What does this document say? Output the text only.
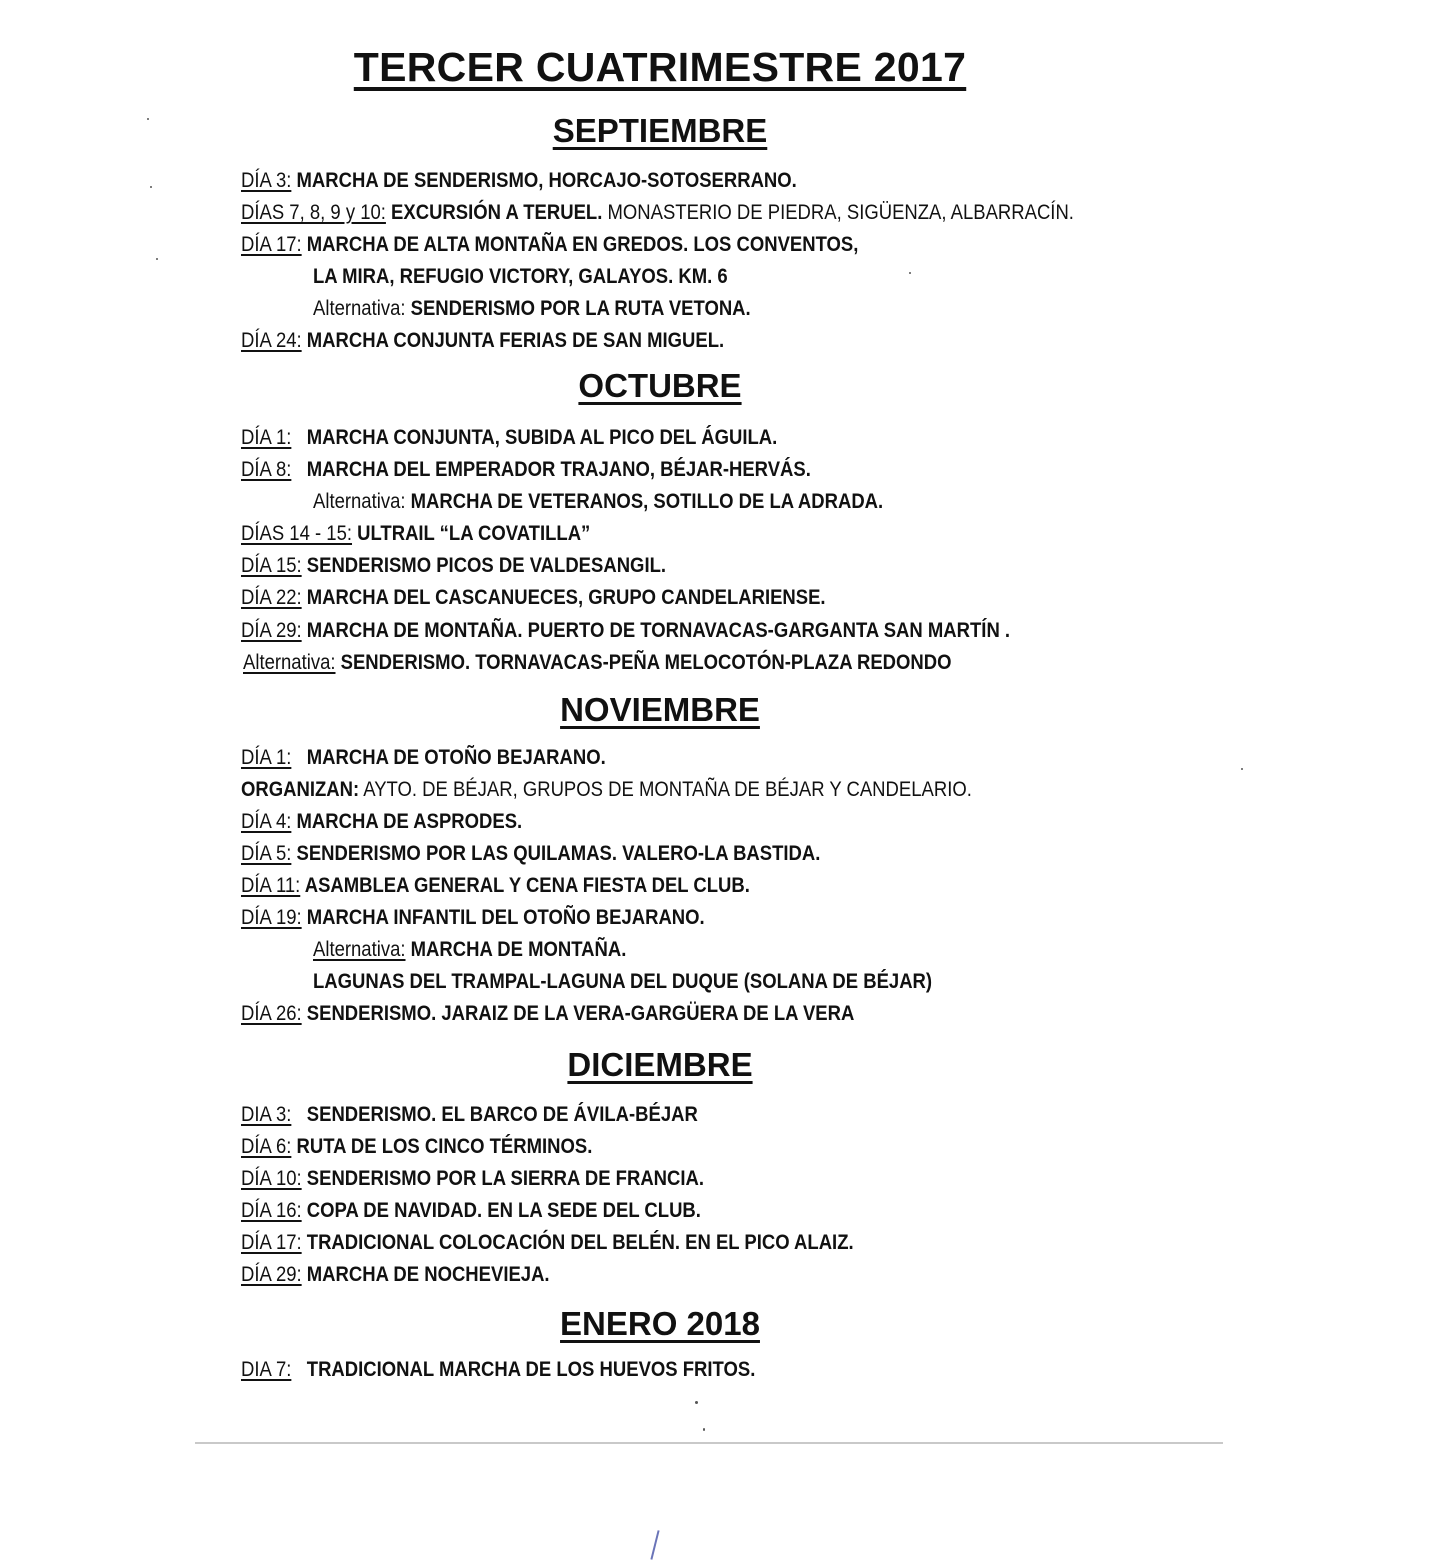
TERCER CUATRIMESTRE 2017
SEPTIEMBRE
DÍA 3: MARCHA DE SENDERISMO, HORCAJO-SOTOSERRANO.
DÍAS 7, 8, 9 y 10: EXCURSIÓN A TERUEL. MONASTERIO DE PIEDRA, SIGÜENZA, ALBARRACÍN.
DÍA 17: MARCHA DE ALTA MONTAÑA EN GREDOS. LOS CONVENTOS,
LA MIRA, REFUGIO VICTORY, GALAYOS. KM. 6
Alternativa: SENDERISMO POR LA RUTA VETONA.
DÍA 24: MARCHA CONJUNTA FERIAS DE SAN MIGUEL.
OCTUBRE
DÍA 1:   MARCHA CONJUNTA, SUBIDA AL PICO DEL ÁGUILA.
DÍA 8:   MARCHA DEL EMPERADOR TRAJANO, BÉJAR-HERVÁS.
Alternativa: MARCHA DE VETERANOS, SOTILLO DE LA ADRADA.
DÍAS 14 - 15: ULTRAIL “LA COVATILLA”
DÍA 15: SENDERISMO PICOS DE VALDESANGIL.
DÍA 22: MARCHA DEL CASCANUECES, GRUPO CANDELARIENSE.
DÍA 29: MARCHA DE MONTAÑA. PUERTO DE TORNAVACAS-GARGANTA SAN MARTÍN .
Alternativa: SENDERISMO. TORNAVACAS-PEÑA MELOCOTÓN-PLAZA REDONDO
NOVIEMBRE
DÍA 1:   MARCHA DE OTOÑO BEJARANO.
ORGANIZAN: AYTO. DE BÉJAR, GRUPOS DE MONTAÑA DE BÉJAR Y CANDELARIO.
DÍA 4: MARCHA DE ASPRODES.
DÍA 5: SENDERISMO POR LAS QUILAMAS. VALERO-LA BASTIDA.
DÍA 11: ASAMBLEA GENERAL Y CENA FIESTA DEL CLUB.
DÍA 19: MARCHA INFANTIL DEL OTOÑO BEJARANO.
Alternativa: MARCHA DE MONTAÑA.
LAGUNAS DEL TRAMPAL-LAGUNA DEL DUQUE (SOLANA DE BÉJAR)
DÍA 26: SENDERISMO. JARAIZ DE LA VERA-GARGÜERA DE LA VERA
DICIEMBRE
DIA 3:   SENDERISMO. EL BARCO DE ÁVILA-BÉJAR
DÍA 6: RUTA DE LOS CINCO TÉRMINOS.
DÍA 10: SENDERISMO POR LA SIERRA DE FRANCIA.
DÍA 16: COPA DE NAVIDAD. EN LA SEDE DEL CLUB.
DÍA 17: TRADICIONAL COLOCACIÓN DEL BELÉN. EN EL PICO ALAIZ.
DÍA 29: MARCHA DE NOCHEVIEJA.
ENERO 2018
DIA 7:   TRADICIONAL MARCHA DE LOS HUEVOS FRITOS.
